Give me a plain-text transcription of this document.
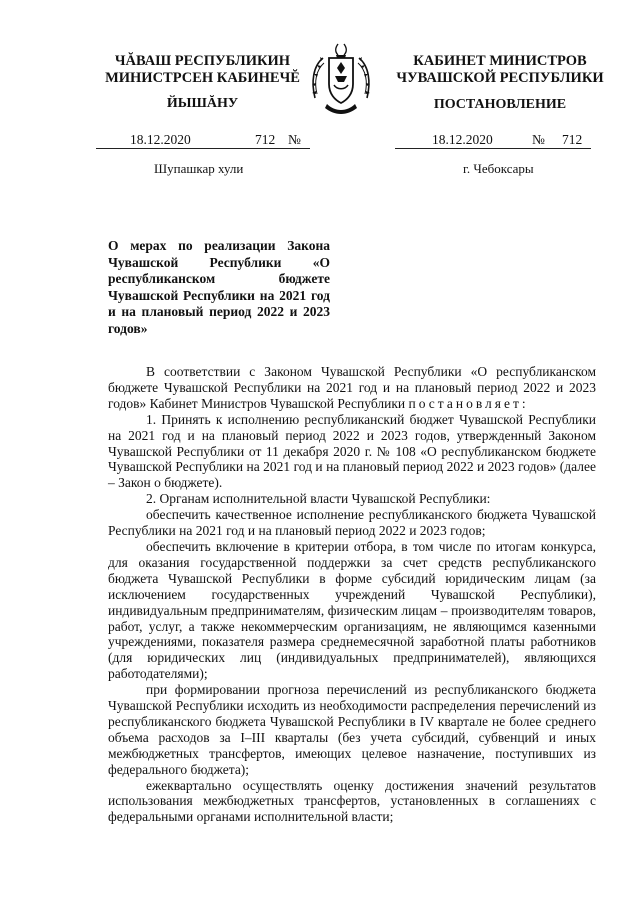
ЧĂВАШ РЕСПУБЛИКИН
МИНИСТРСЕН КАБИНЕЧĔ
КАБИНЕТ МИНИСТРОВ
ЧУВАШСКОЙ РЕСПУБЛИКИ
ЙЫШĂНУ	ПОСТАНОВЛЕНИЕ
18.12.2020	712 №	18.12.2020	№ 712
Шупашкар хули	г. Чебоксары
О мерах по реализации Закона Чувашской Республики «О республиканском бюджете Чувашской Республики на 2021 год и на плановый период 2022 и 2023 годов»

В соответствии с Законом Чувашской Республики «О республиканском бюджете Чувашской Республики на 2021 год и на плановый период 2022 и 2023 годов» Кабинет Министров Чувашской Республики постановляет:

1. Принять к исполнению республиканский бюджет Чувашской Республики на 2021 год и на плановый период 2022 и 2023 годов, утвержденный Законом Чувашской Республики от 11 декабря 2020 г. № 108 «О республиканском бюджете Чувашской Республики на 2021 год и на плановый период 2022 и 2023 годов» (далее – Закон о бюджете).

2. Органам исполнительной власти Чувашской Республики:

обеспечить качественное исполнение республиканского бюджета Чувашской Республики на 2021 год и на плановый период 2022 и 2023 годов;

обеспечить включение в критерии отбора, в том числе по итогам конкурса, для оказания государственной поддержки за счет средств республиканского бюджета Чувашской Республики в форме субсидий юридическим лицам (за исключением государственных учреждений Чувашской Республики), индивидуальным предпринимателям, физическим лицам – производителям товаров, работ, услуг, а также некоммерческим организациям, не являющимся казенными учреждениями, показателя размера среднемесячной заработной платы работников (для юридических лиц (индивидуальных предпринимателей), являющихся работодателями);

при формировании прогноза перечислений из республиканского бюджета Чувашской Республики исходить из необходимости распределения перечислений из республиканского бюджета Чувашской Республики в IV квартале не более среднего объема расходов за I–III кварталы (без учета субсидий, субвенций и иных межбюджетных трансфертов, имеющих целевое назначение, поступивших из федерального бюджета);

ежеквартально осуществлять оценку достижения значений результатов использования межбюджетных трансфертов, установленных в соглашениях с федеральными органами исполнительной власти;
